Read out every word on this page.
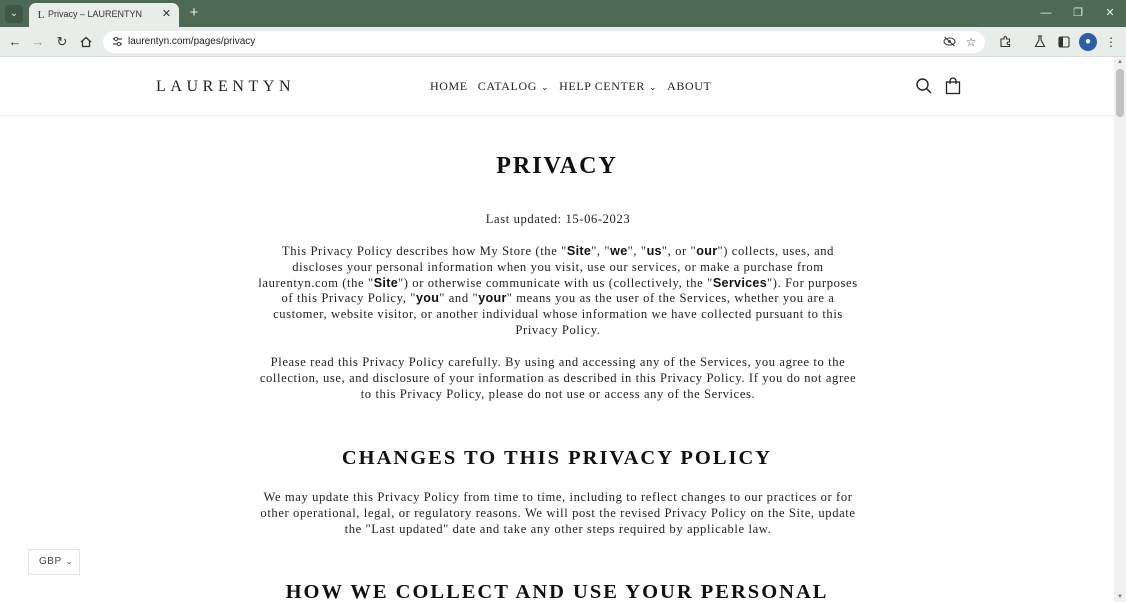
⌄	L Privacy – LAURENTYN ✕ +	—	❐	✕
← → ↻	laurentyn.com/pages/privacy	☆	●	⋮
LAURENTYN	HOME CATALOG ⌄ HELP CENTER ⌄ ABOUT
PRIVACY

Last updated: 15-06-2023

This Privacy Policy describes how My Store (the "Site", "we", "us", or "our") collects, uses, and discloses your personal information when you visit, use our services, or make a purchase from laurentyn.com (the "Site") or otherwise communicate with us (collectively, the "Services"). For purposes of this Privacy Policy, "you" and "your" means you as the user of the Services, whether you are a customer, website visitor, or another individual whose information we have collected pursuant to this Privacy Policy.

Please read this Privacy Policy carefully. By using and accessing any of the Services, you agree to the collection, use, and disclosure of your information as described in this Privacy Policy. If you do not agree to this Privacy Policy, please do not use or access any of the Services.

CHANGES TO THIS PRIVACY POLICY

We may update this Privacy Policy from time to time, including to reflect changes to our practices or for other operational, legal, or regulatory reasons. We will post the revised Privacy Policy on the Site, update the "Last updated" date and take any other steps required by applicable law.

HOW WE COLLECT AND USE YOUR PERSONAL
GBP ⌄
▲
▼
